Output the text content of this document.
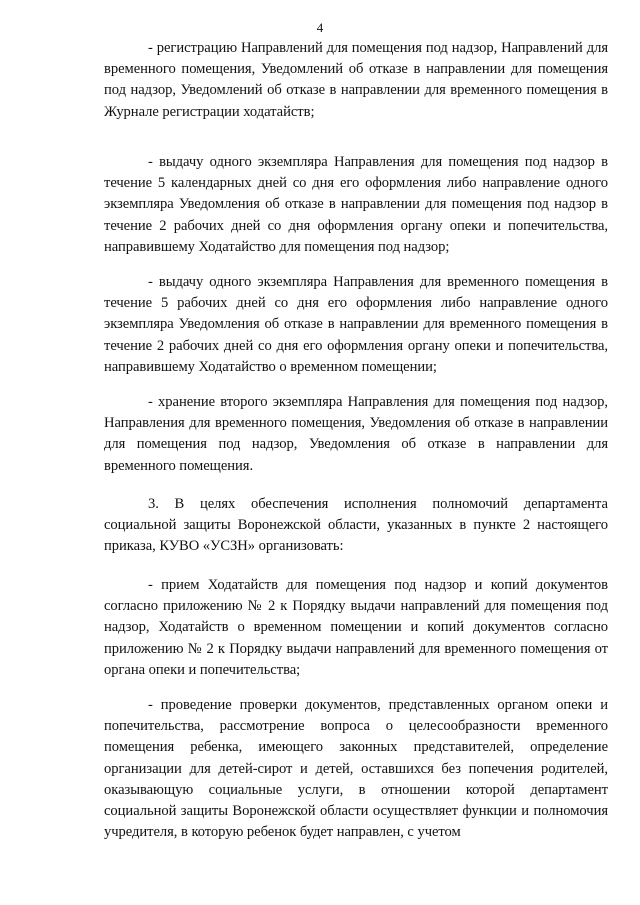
4

- регистрацию Направлений для помещения под надзор, Направлений для временного помещения, Уведомлений об отказе в направлении для помещения под надзор, Уведомлений об отказе в направлении для временного помещения в Журнале регистрации ходатайств;

- выдачу одного экземпляра Направления для помещения под надзор в течение 5 календарных дней со дня его оформления либо направление одного экземпляра Уведомления об отказе в направлении для помещения под надзор в течение 2 рабочих дней со дня оформления органу опеки и попечительства, направившему Ходатайство для помещения под надзор;

- выдачу одного экземпляра Направления для временного помещения в течение 5 рабочих дней со дня его оформления либо направление одного экземпляра Уведомления об отказе в направлении для временного помещения в течение 2 рабочих дней со дня его оформления органу опеки и попечительства, направившему Ходатайство о временном помещении;

- хранение второго экземпляра Направления для помещения под надзор, Направления для временного помещения, Уведомления об отказе в направлении для помещения под надзор, Уведомления об отказе в направлении для временного помещения.

3. В целях обеспечения исполнения полномочий департамента социальной защиты Воронежской области, указанных в пункте 2 настоящего приказа, КУВО «УСЗН» организовать:

- прием Ходатайств для помещения под надзор и копий документов согласно приложению № 2 к Порядку выдачи направлений для помещения под надзор, Ходатайств о временном помещении и копий документов согласно приложению № 2 к Порядку выдачи направлений для временного помещения от органа опеки и попечительства;

- проведение проверки документов, представленных органом опеки и попечительства, рассмотрение вопроса о целесообразности временного помещения ребенка, имеющего законных представителей, определение организации для детей-сирот и детей, оставшихся без попечения родителей, оказывающую социальные услуги, в отношении которой департамент социальной защиты Воронежской области осуществляет функции и полномочия учредителя, в которую ребенок будет направлен, с учетом
